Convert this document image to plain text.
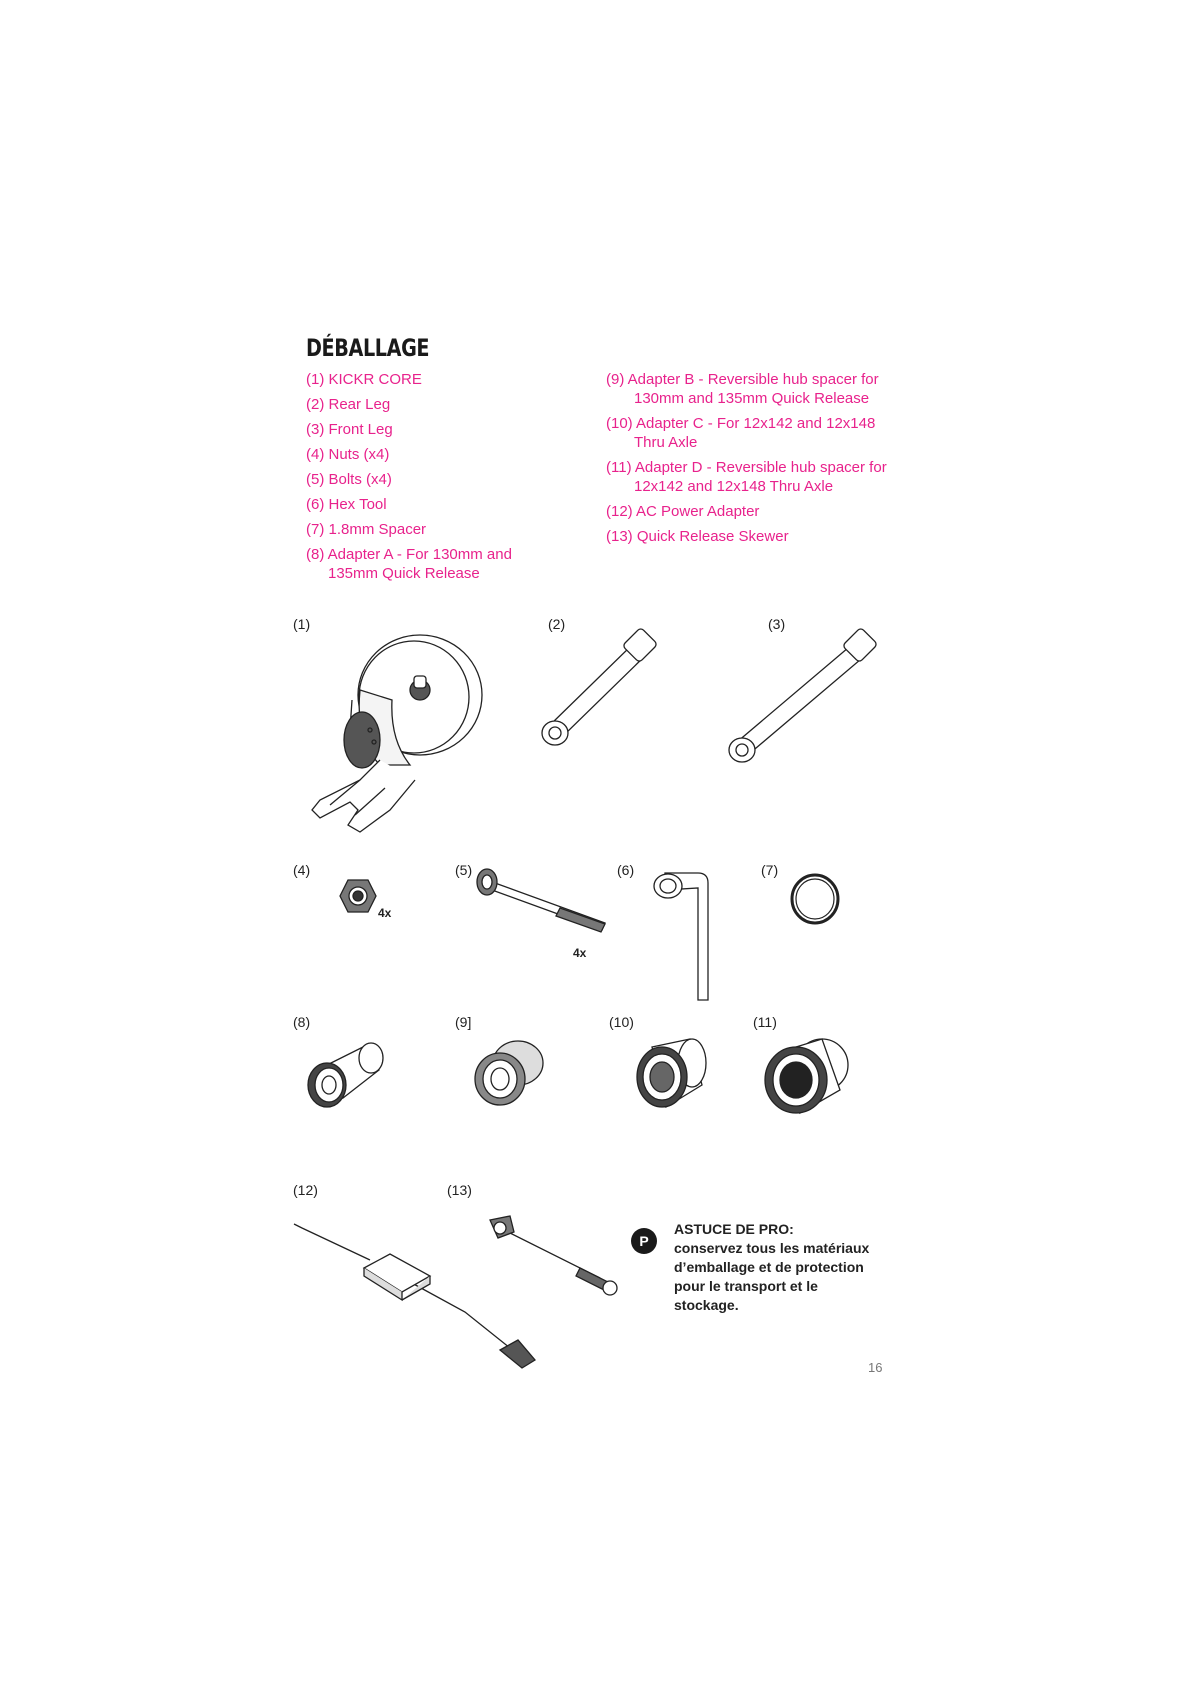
DÉBALLAGE
(1) KICKR CORE
(2) Rear Leg
(3) Front Leg
(4) Nuts (x4)
(5) Bolts (x4)
(6) Hex Tool
(7) 1.8mm Spacer
(8) Adapter A - For 130mm and 135mm Quick Release
(9) Adapter B - Reversible hub spacer for 130mm and 135mm Quick Release
(10) Adapter C - For 12x142 and 12x148 Thru Axle
(11) Adapter D - Reversible hub spacer for 12x142 and 12x148 Thru Axle
(12) AC Power Adapter
(13) Quick Release Skewer
(1)	(2)	(3)
(4)	(5)	(6)	(7)
(8)	(9]	(10)	(11)
(12)	(13)
4x
4x
P
ASTUCE DE PRO:
conservez tous les matériaux d’emballage et de protection pour le transport et le stockage.
16
